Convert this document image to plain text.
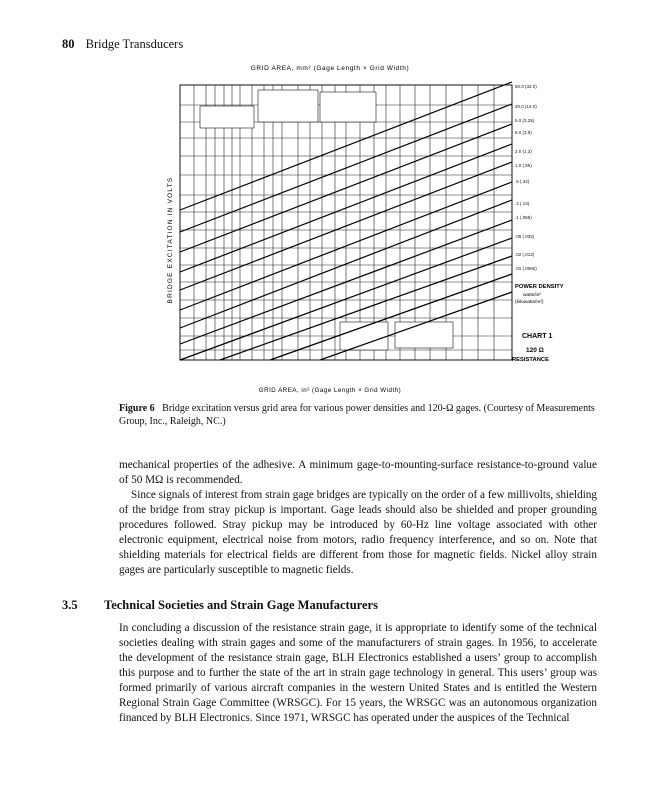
80 Bridge Transducers
GRID AREA, mm² (Gage Length × Grid Width)
BRIDGE EXCITATION IN VOLTS
50.0 (32.0)
20.0 (13.0)
5.0 (3.25)
6.0 (3.9)
2.0 (1.3)
1.0 (.65)
.5 (.32)
.2 (.13)
.1 (.065)
.05 (.032)
.02 (.013)
.01 (.0065)
POWER DENSITY
watts/in²
(kilowatts/m²)
CHART 1
120 Ω
RESISTANCE
GRID AREA, in² (Gage Length × Grid Width)
Figure 6 Bridge excitation versus grid area for various power densities and 120-Ω gages. (Courtesy of Measurements Group, Inc., Raleigh, NC.)

mechanical properties of the adhesive. A minimum gage-to-mounting-surface resistance-to-ground value of 50 MΩ is recommended.

Since signals of interest from strain gage bridges are typically on the order of a few millivolts, shielding of the bridge from stray pickup is important. Gage leads should also be shielded and proper grounding procedures followed. Stray pickup may be introduced by 60-Hz line voltage associated with other electronic equipment, electrical noise from motors, radio frequency interference, and so on. Note that shielding materials for electrical fields are different from those for magnetic fields. Nickel alloy strain gages are particularly susceptible to magnetic fields.

3.5 Technical Societies and Strain Gage Manufacturers

In concluding a discussion of the resistance strain gage, it is appropriate to identify some of the technical societies dealing with strain gages and some of the manufacturers of strain gages. In 1956, to accelerate the development of the resistance strain gage, BLH Electronics established a users’ group to accomplish this purpose and to further the state of the art in strain gage technology in general. This users’ group was formed primarily of various aircraft companies in the western United States and is entitled the Western Regional Strain Gage Committee (WRSGC). For 15 years, the WRSGC was an autonomous organization financed by BLH Electronics. Since 1971, WRSGC has operated under the auspices of the Technical
